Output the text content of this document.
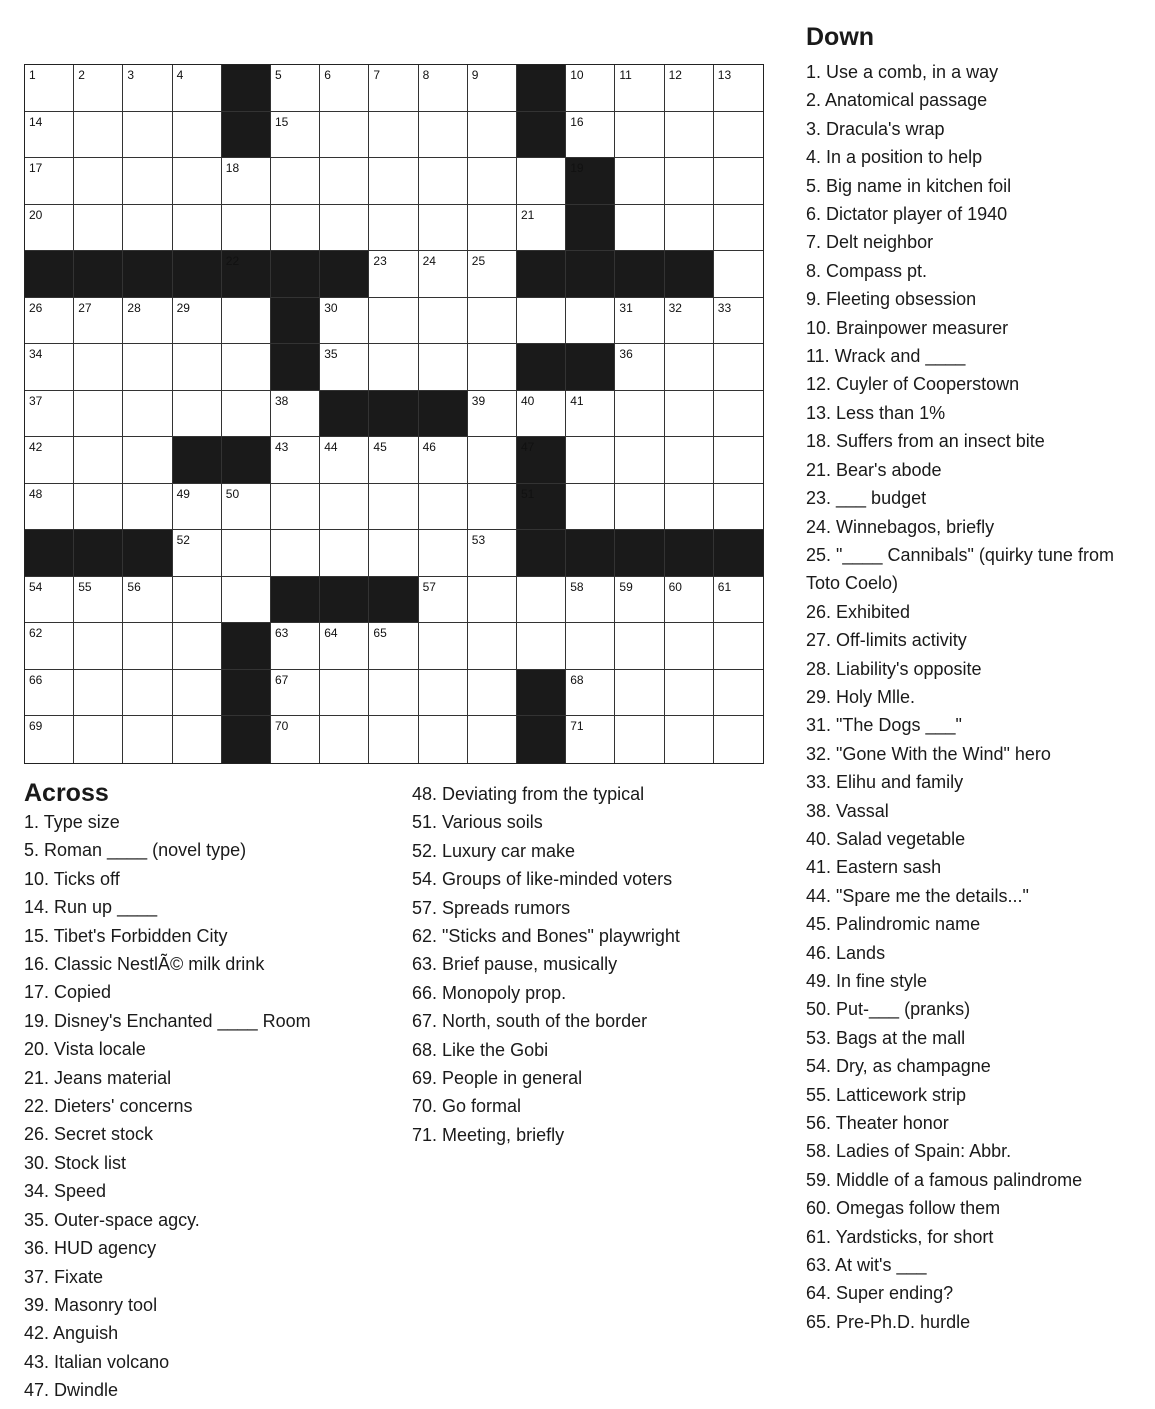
1	2	3	4	5	6	7	8	9	10	11	12	13
14	15	16
17	18	19
20	21
22	23	24	25
26	27	28	29	30	31	32	33
34	35	36
37	38	39	40	41
42	43	44	45	46	47
48	49	50	51
52	53
54	55	56	57	58	59	60	61
62	63	64	65
66	67	68
69	70	71
Across
1. Type size
5. Roman ____ (novel type)
10. Ticks off
14. Run up ____
15. Tibet's Forbidden City
16. Classic NestlÃ© milk drink
17. Copied
19. Disney's Enchanted ____ Room
20. Vista locale
21. Jeans material
22. Dieters' concerns
26. Secret stock
30. Stock list
34. Speed
35. Outer-space agcy.
36. HUD agency
37. Fixate
39. Masonry tool
42. Anguish
43. Italian volcano
47. Dwindle
48. Deviating from the typical
51. Various soils
52. Luxury car make
54. Groups of like-minded voters
57. Spreads rumors
62. "Sticks and Bones" playwright
63. Brief pause, musically
66. Monopoly prop.
67. North, south of the border
68. Like the Gobi
69. People in general
70. Go formal
71. Meeting, briefly
Down
1. Use a comb, in a way
2. Anatomical passage
3. Dracula's wrap
4. In a position to help
5. Big name in kitchen foil
6. Dictator player of 1940
7. Delt neighbor
8. Compass pt.
9. Fleeting obsession
10. Brainpower measurer
11. Wrack and ____
12. Cuyler of Cooperstown
13. Less than 1%
18. Suffers from an insect bite
21. Bear's abode
23. ___ budget
24. Winnebagos, briefly
25. "____ Cannibals" (quirky tune from Toto Coelo)
26. Exhibited
27. Off-limits activity
28. Liability's opposite
29. Holy Mlle.
31. "The Dogs ___"
32. "Gone With the Wind" hero
33. Elihu and family
38. Vassal
40. Salad vegetable
41. Eastern sash
44. "Spare me the details..."
45. Palindromic name
46. Lands
49. In fine style
50. Put-___ (pranks)
53. Bags at the mall
54. Dry, as champagne
55. Latticework strip
56. Theater honor
58. Ladies of Spain: Abbr.
59. Middle of a famous palindrome
60. Omegas follow them
61. Yardsticks, for short
63. At wit's ___
64. Super ending?
65. Pre-Ph.D. hurdle
